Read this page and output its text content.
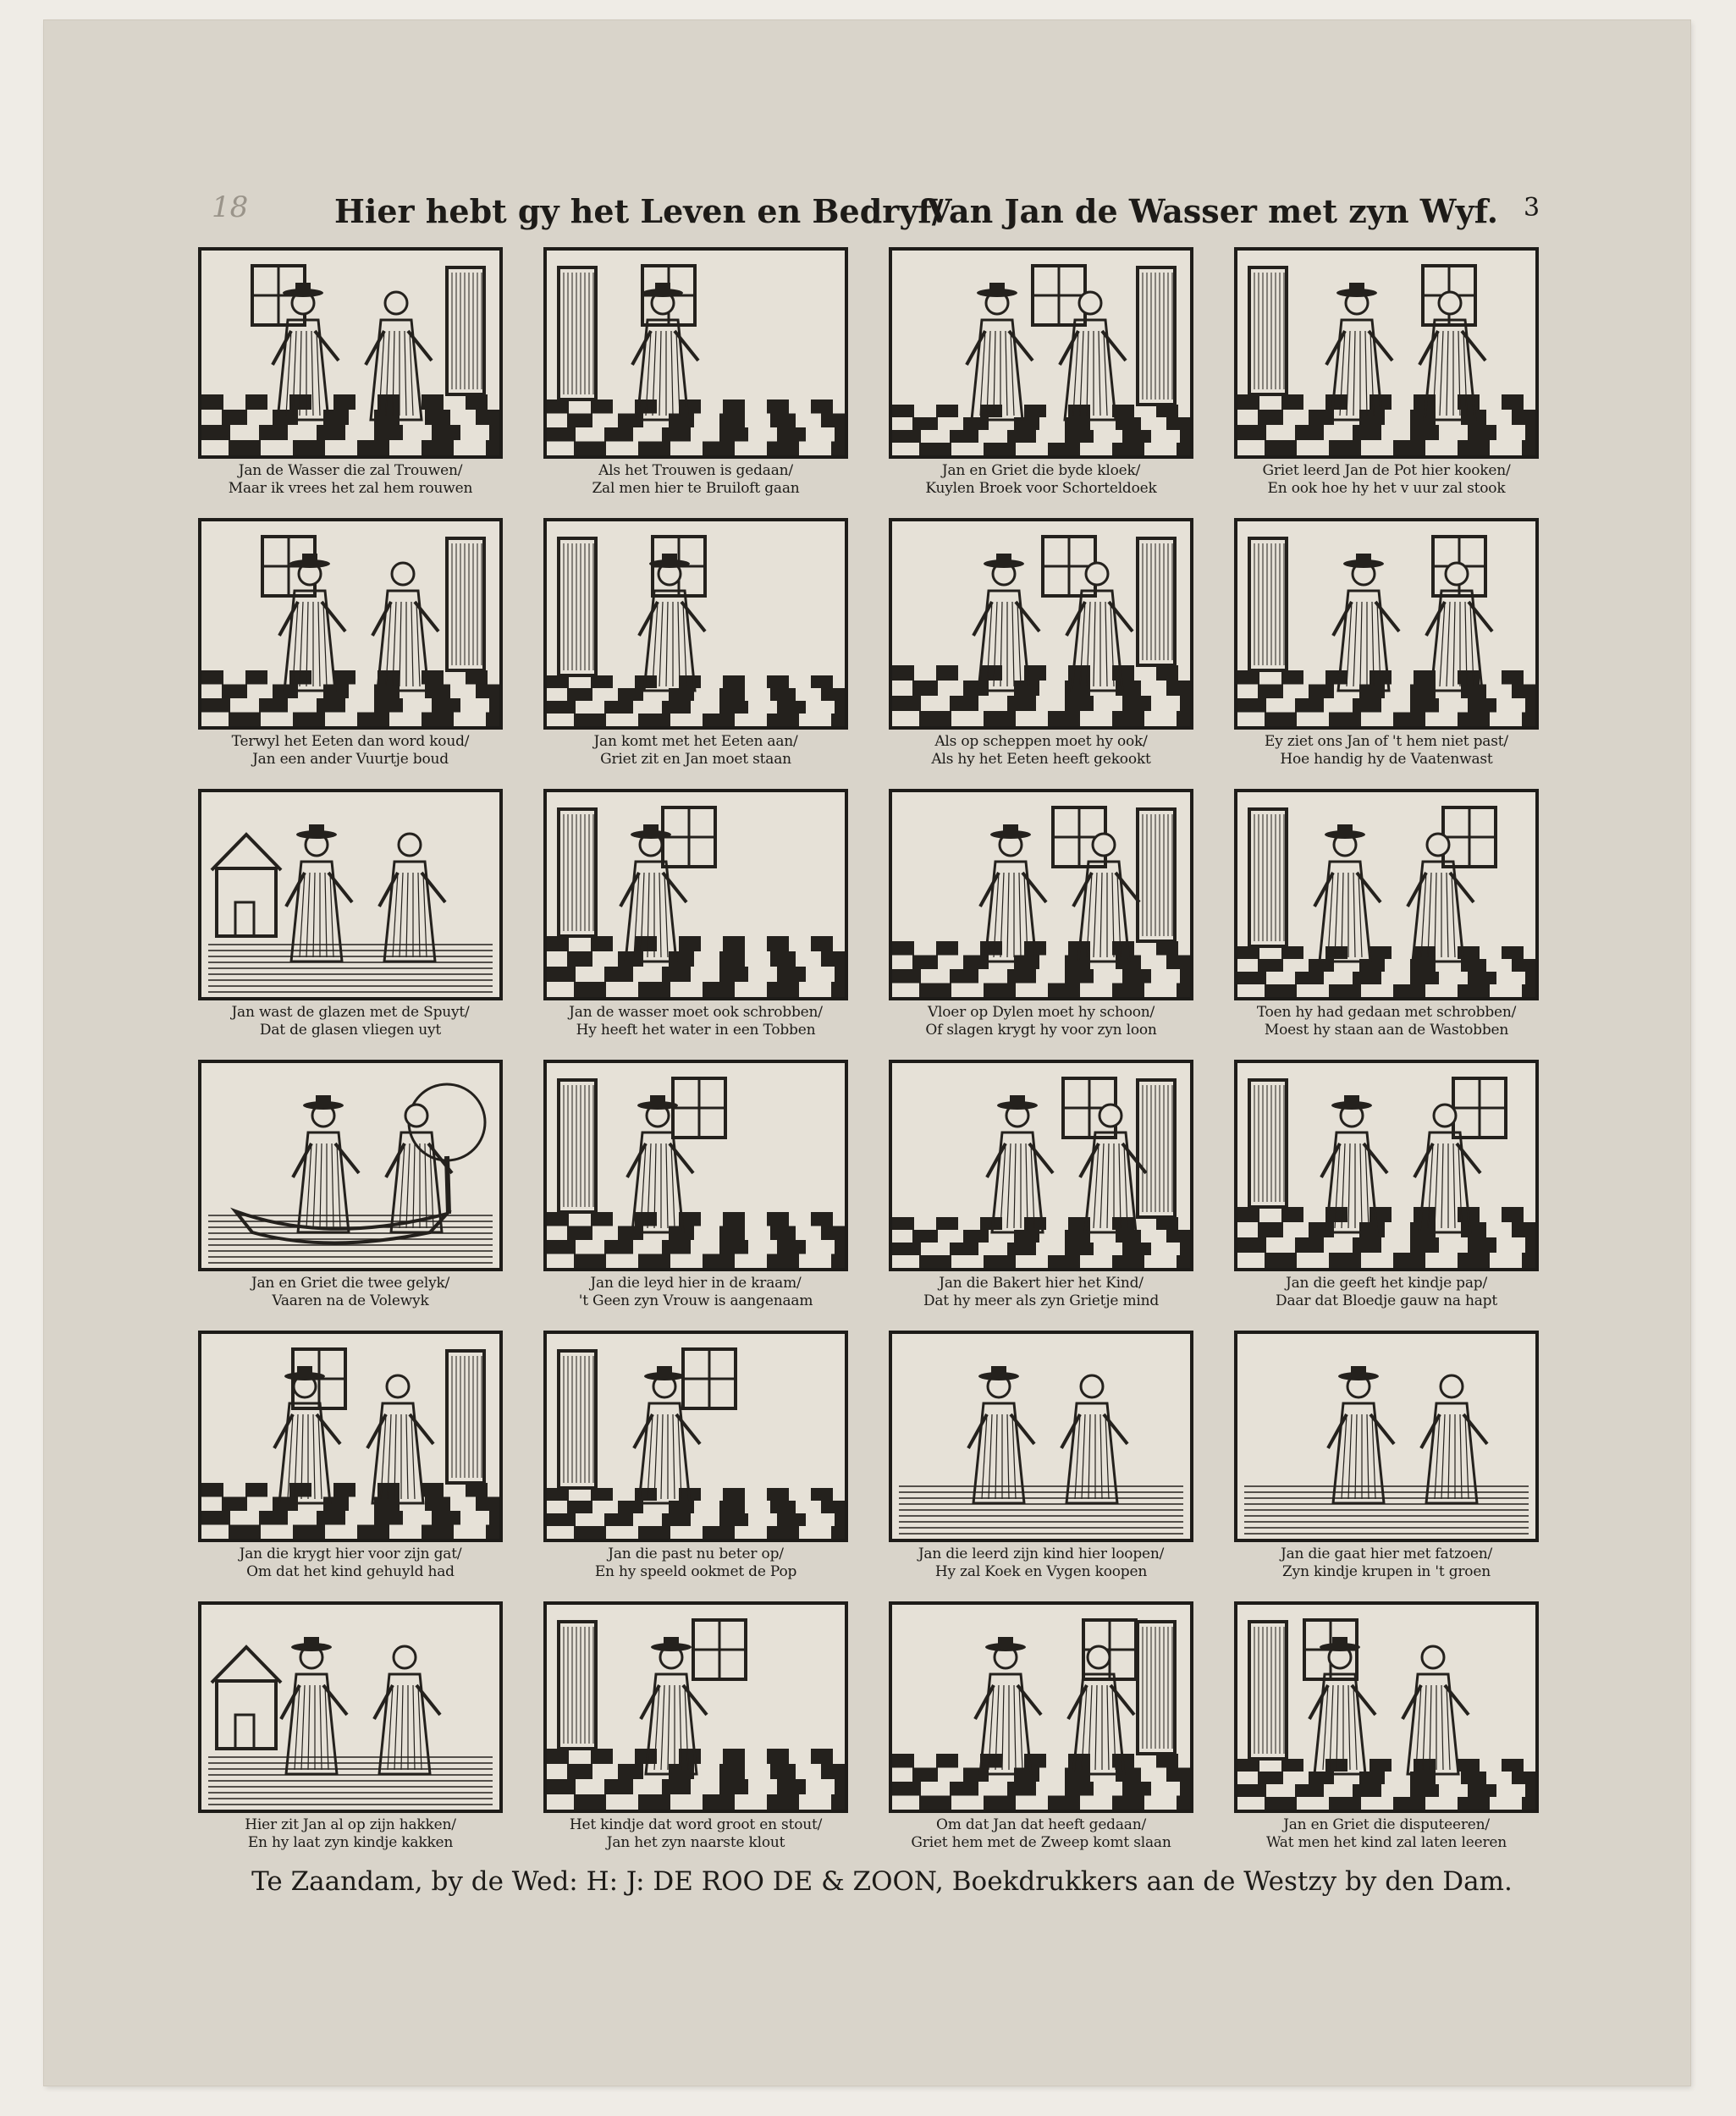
18	Hier hebt gy het Leven en Bedryf/
Van Jan de Wasser met zyn Wyf. 3
Jan de Wasser die zal Trouwen/
Maar ik vrees het zal hem rouwen
Als het Trouwen is gedaan/
Zal men hier te Bruiloft gaan
Jan en Griet die byde kloek/
Kuylen Broek voor Schorteldoek
Griet leerd Jan de Pot hier kooken/
En ook hoe hy het v uur zal stook
Terwyl het Eeten dan word koud/
Jan een ander Vuurtje boud
Jan komt met het Eeten aan/
Griet zit en Jan moet staan
Als op scheppen moet hy ook/
Als hy het Eeten heeft gekookt
Ey ziet ons Jan of 't hem niet past/
Hoe handig hy de Vaatenwast
Jan wast de glazen met de Spuyt/
Dat de glasen vliegen uyt
Jan de wasser moet ook schrobben/
Hy heeft het water in een Tobben
Vloer op Dylen moet hy schoon/
Of slagen krygt hy voor zyn loon
Toen hy had gedaan met schrobben/
Moest hy staan aan de Wastobben
Jan en Griet die twee gelyk/
Vaaren na de Volewyk
Jan die leyd hier in de kraam/
't Geen zyn Vrouw is aangenaam
Jan die Bakert hier het Kind/
Dat hy meer als zyn Grietje mind
Jan die geeft het kindje pap/
Daar dat Bloedje gauw na hapt
Jan die krygt hier voor zijn gat/
Om dat het kind gehuyld had
Jan die past nu beter op/
En hy speeld ookmet de Pop
Jan die leerd zijn kind hier loopen/
Hy zal Koek en Vygen koopen
Jan die gaat hier met fatzoen/
Zyn kindje krupen in 't groen
Hier zit Jan al op zijn hakken/
En hy laat zyn kindje kakken
Het kindje dat word groot en stout/
Jan het zyn naarste klout
Om dat Jan dat heeft gedaan/
Griet hem met de Zweep komt slaan
Jan en Griet die disputeeren/
Wat men het kind zal laten leeren
Te Zaandam, by de Wed: H: J: DE ROO DE & ZOON, Boekdrukkers aan de Westzy by den Dam.
